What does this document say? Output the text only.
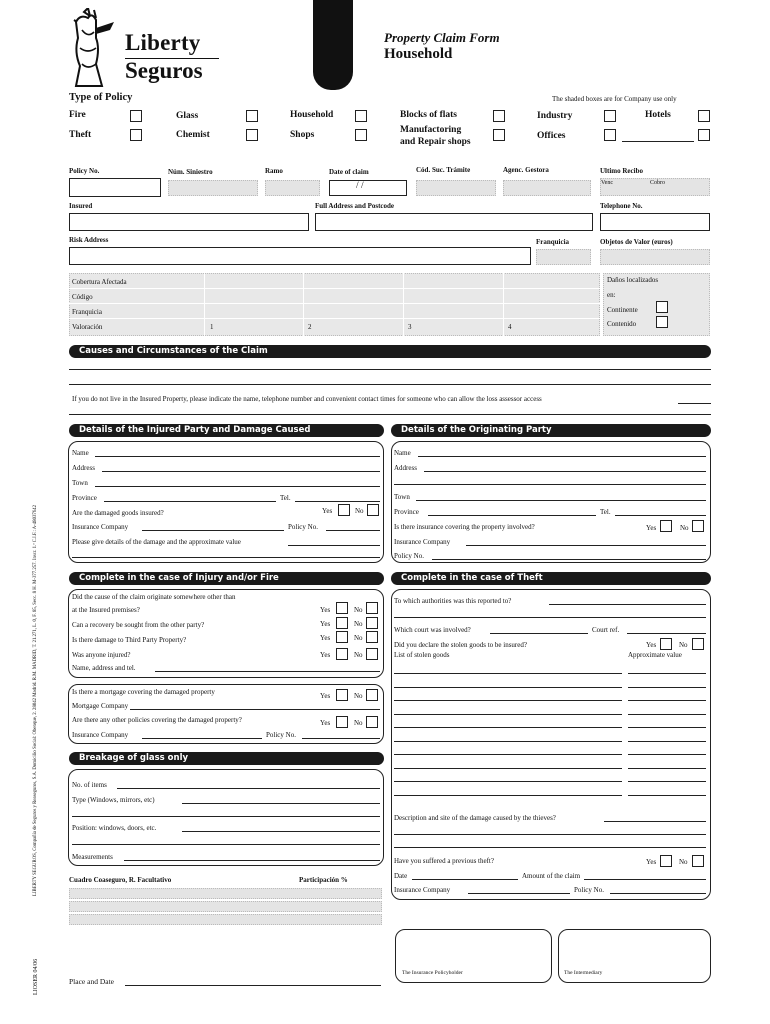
Liberty
Seguros
Property Claim Form
Household
Type of Policy	The shaded boxes are for Company use only
Fire	Glass	Household	Blocks of flats	Industry	Hotels
Theft	Chemist	Shops	Manufactoring
and Repair shops
Offices
Policy No.	Núm. Siniestro	Ramo	Date of claim
/ /
Cód. Suc. Trámite	Agenc. Gestora	Ultimo Recibo
Venc	Cobro
Insured	Full Address and Postcode	Telephone No.
Risk Address	Franquicia	Objetos de Valor (euros)
Cobertura Afectada
Código
Franquicia
Valoración	1	2	3	4
Daños localizados
en:
Continente
Contenido
Causes and Circumstances of the Claim
If you do not live in the Insured Property, please indicate the name, telephone number and convenient contact times for someone who can allow the loss assessor access
Details of the Injured Party and Damage Caused
Name
Address
Town
Province	Tel.
Are the damaged goods insured?	Yes	No
Insurance Company	Policy No.
Please give details of the damage and the approximate value
Details of the Originating Party
Name
Address
Town
Province	Tel.
Is there insurance covering the property involved?	Yes	No
Insurance Company
Policy No.
Complete in the case of Injury and/or Fire
Did the cause of the claim originate somewhere other than
at the Insured premises?	Yes	No
Can a recovery be sought from the other party?	Yes	No
Is there damage to Third Party Property?	Yes	No
Was anyone injured?	Yes	No
Name, address and tel.
Is there a mortgage covering the damaged property	Yes	No
Mortgage Company
Are there any other policies covering the damaged property?	Yes	No
Insurance Company	Policy No.
Complete in the case of Theft
To which authorities was this reported to?
Which court was involved?	Court ref.
Did you declare the stolen goods to be insured?	Yes	No
List of stolen goods	Approximate value
Description and site of the damage caused by the thieves?
Have you suffered a previous theft?	Yes	No
Date	Amount of the claim
Insurance Company	Policy No.
Breakage of glass only
No. of items
Type (Windows, mirrors, etc)
Position: windows, doors, etc.
Measurements
Cuadro Coaseguro, R. Facultativo	Participación %
The Insurance Policyholder	The Intermediary
Place and Date
LIBERTY SEGUROS, Compañía de Seguros y Reaseguros, S.A. Domicilio Social: Obenque, 2. 28042 Madrid. R.M. MADRID, T. 21.271, L. 0, F. 85, Secc. 8 H. M-377.257. Inscr. 1.ª C.I.F.: A-48037642
LIOSER 04/06
